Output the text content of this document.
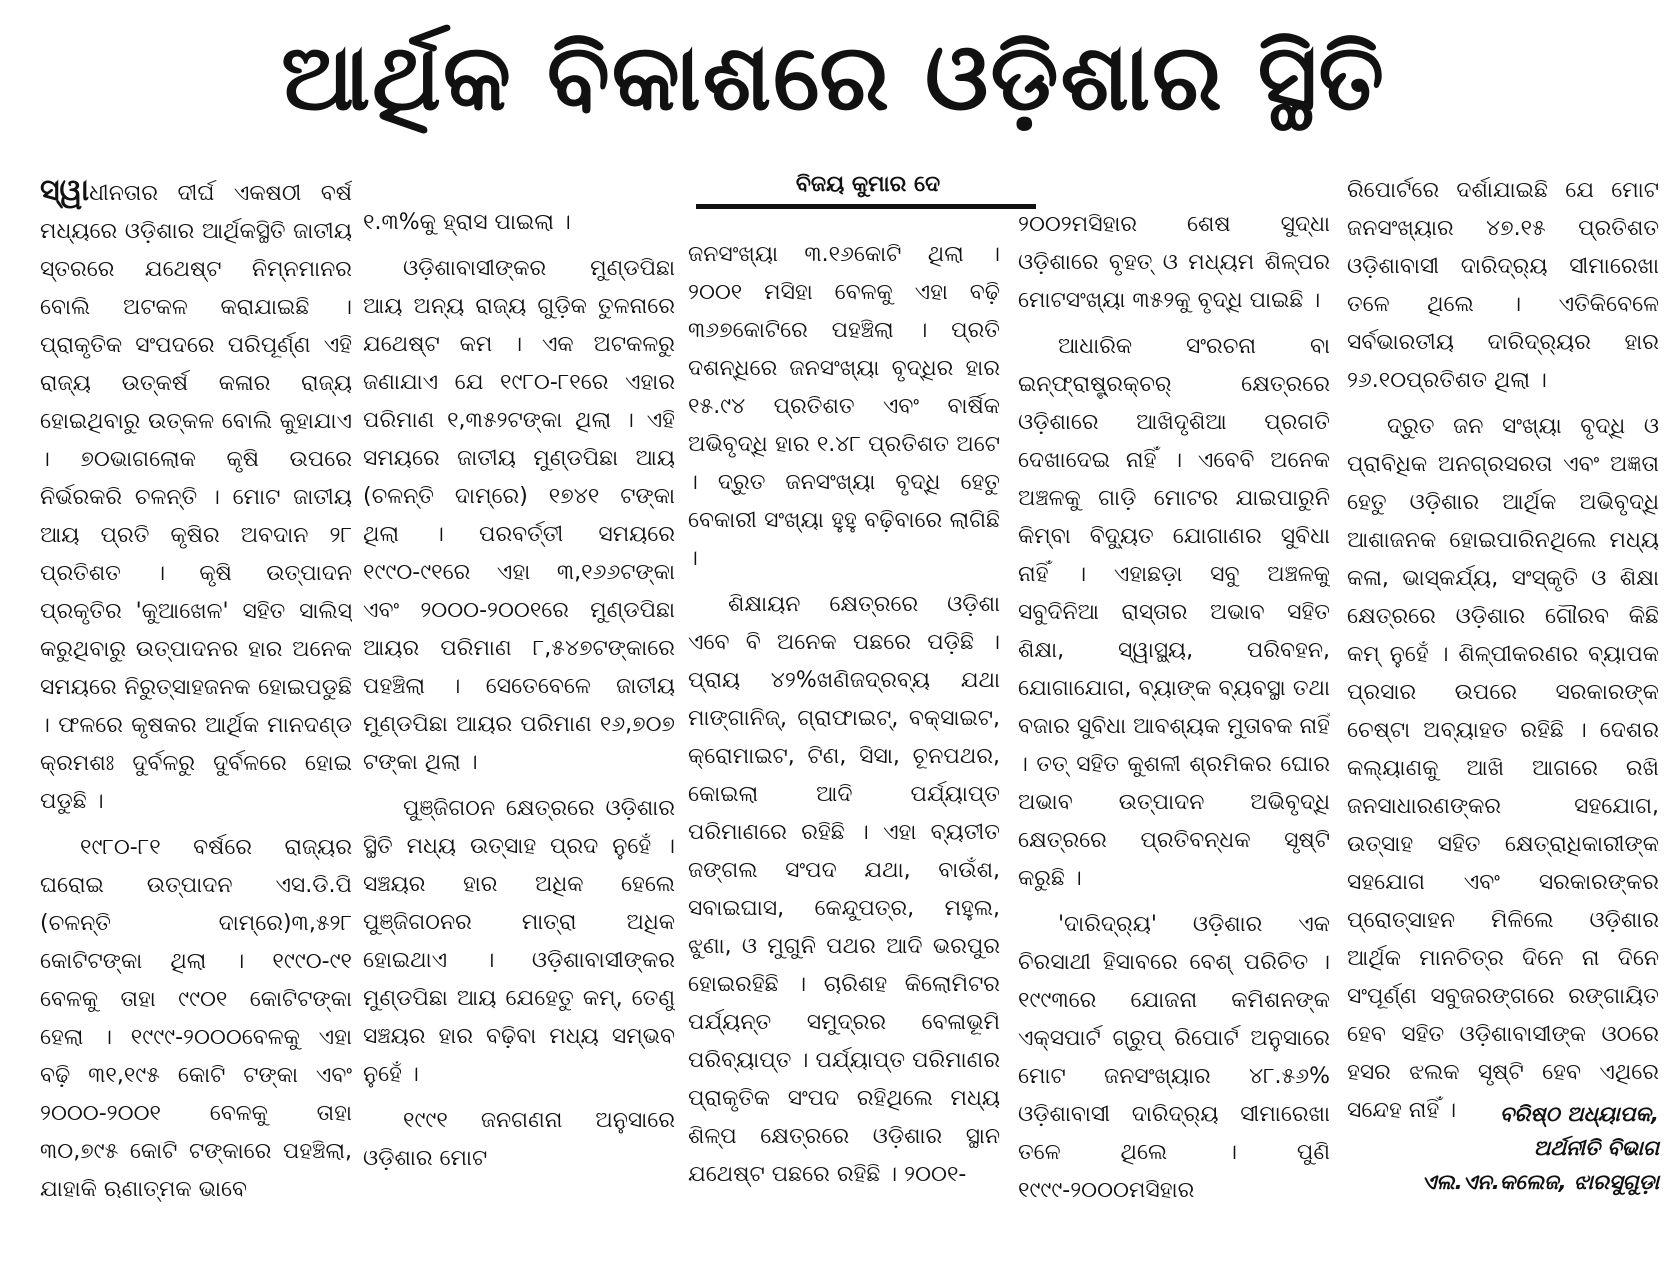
ଆର୍ଥିକ ବିକାଶରେ ଓଡ଼ିଶାର ସ୍ଥିତି
ବିଜୟ କୁମାର ଦେ

ସ୍ୱାଧୀନତାର ଦୀର୍ଘ ଏକଷଠୀ ବର୍ଷ ମଧ୍ୟରେ ଓଡ଼ିଶାର ଆର୍ଥିକସ୍ଥିତି ଜାତୀୟ ସ୍ତରରେ ଯଥେଷ୍ଟ ନିମ୍ନମାନର ବୋଲି ଅଟକଳ କରାଯାଇଛି । ପ୍ରାକୃତିକ ସଂପଦରେ ପରିପୂର୍ଣ୍ଣ ଏହି ରାଜ୍ୟ ଉତ୍କର୍ଷ କଳାର ରାଜ୍ୟ ହୋଇଥିବାରୁ ଉତ୍କଳ ବୋଲି କୁହାଯାଏ । ୭୦ଭାଗଲୋକ କୃଷି ଉପରେ ନିର୍ଭରକରି ଚଳନ୍ତି । ମୋଟ ଜାତୀୟ ଆୟ ପ୍ରତି କୃଷିର ଅବଦାନ ୨୮ ପ୍ରତିଶତ । କୃଷି ଉତ୍ପାଦନ ପ୍ରକୃତିର 'କୁଆଖେଳ' ସହିତ ସାଲିସ୍ କରୁଥିବାରୁ ଉତ୍ପାଦନର ହାର ଅନେକ ସମୟରେ ନିରୁତ୍ସାହଜନକ ହୋଇପଡୁଛି । ଫଳରେ କୃଷକର ଆର୍ଥିକ ମାନଦଣ୍ଡ କ୍ରମଶଃ ଦୁର୍ବଳରୁ ଦୁର୍ବଳରେ ହୋଇ ପଡୁଛି ।

୧୯୮୦-୮୧ ବର୍ଷରେ ରାଜ୍ୟର ଘରୋଇ ଉତ୍ପାଦନ ଏସ.ଡି.ପି (ଚଳନ୍ତି ଦାମ୍‌ରେ)୩,୫୨୮ କୋଟିଟଙ୍କା ଥିଲା । ୧୯୯୦-୯୧ ବେଳକୁ ତାହା ୯୯୦୧ କୋଟିଟଙ୍କା ହେଲା । ୧୯୯୯-୨୦୦୦ବେଳକୁ ଏହା ବଢ଼ି ୩୧,୧୯୫ କୋଟି ଟଙ୍କା ଏବଂ ୨୦୦୦-୨୦୦୧ ବେଳକୁ ତାହା ୩୦,୭୯୫ କୋଟି ଟଙ୍କାରେ ପହଞ୍ଚିଲା, ଯାହାକି ଋଣାତ୍ମକ ଭାବେ

୧.୩%କୁ ହ୍ରାସ ପାଇଲା ।

ଓଡ଼ିଶାବାସୀଙ୍କର ମୁଣ୍ଡପିଛା ଆୟ ଅନ୍ୟ ରାଜ୍ୟ ଗୁଡ଼ିକ ତୁଳନାରେ ଯଥେଷ୍ଟ କମ । ଏକ ଅଟକଳରୁ ଜଣାଯାଏ ଯେ ୧୯୮୦-୮୧ରେ ଏହାର ପରିମାଣ ୧,୩୫୨ଟଙ୍କା ଥିଲା । ଏହି ସମୟରେ ଜାତୀୟ ମୁଣ୍ଡପିଛା ଆୟ (ଚଳନ୍ତି ଦାମ୍‌ରେ) ୧୭୪୧ ଟଙ୍କା ଥିଲା । ପରବର୍ତ୍ତୀ ସମୟରେ ୧୯୯୦-୯୧ରେ ଏହା ୩,୧୬୬ଟଙ୍କା ଏବଂ ୨୦୦୦-୨୦୦୧ରେ ମୁଣ୍ଡପିଛା ଆୟର ପରିମାଣ ୮,୫୪୭ଟଙ୍କାରେ ପହଞ୍ଚିଲା । ସେତେବେଳେ ଜାତୀୟ ମୁଣ୍ଡପିଛା ଆୟର ପରିମାଣ ୧୬,୭୦୭ ଟଙ୍କା ଥିଲା ।

ପୁଞ୍ଜିଗଠନ କ୍ଷେତ୍ରରେ ଓଡ଼ିଶାର ସ୍ଥିତି ମଧ୍ୟ ଉତ୍ସାହ ପ୍ରଦ ନୁହେଁ । ସଞ୍ଚୟର ହାର ଅଧିକ ହେଲେ ପୁଞ୍ଜିଗଠନର ମାତ୍ରା ଅଧିକ ହୋଇଥାଏ । ଓଡ଼ିଶାବାସୀଙ୍କର ମୁଣ୍ଡପିଛା ଆୟ ଯେହେତୁ କମ୍, ତେଣୁ ସଞ୍ଚୟର ହାର ବଢ଼ିବା ମଧ୍ୟ ସମ୍ଭବ ନୁହେଁ ।

୧୯୯୧ ଜନଗଣନା ଅନୁସାରେ ଓଡ଼ିଶାର ମୋଟ

ଜନସଂଖ୍ୟା ୩.୧୬କୋଟି ଥିଲା । ୨୦୦୧ ମସିହା ବେଳକୁ ଏହା ବଢ଼ି ୩୬୭କୋଟିରେ ପହଞ୍ଚିଲା । ପ୍ରତି ଦଶନ୍ଧିରେ ଜନସଂଖ୍ୟା ବୃଦ୍ଧିର ହାର ୧୫.୯୪ ପ୍ରତିଶତ ଏବଂ ବାର୍ଷିକ ଅଭିବୃଦ୍ଧି ହାର ୧.୪୮ ପ୍ରତିଶତ ଅଟେ । ଦ୍ରୁତ ଜନସଂଖ୍ୟା ବୃଦ୍ଧି ହେତୁ ବେକାରୀ ସଂଖ୍ୟା ହୁହୁ ବଢ଼ିବାରେ ଲାଗିଛି ।

ଶିକ୍ଷାୟନ କ୍ଷେତ୍ରରେ ଓଡ଼ିଶା ଏବେ ବି ଅନେକ ପଛରେ ପଡ଼ିଛି । ପ୍ରାୟ ୪୨%ଖଣିଜଦ୍ରବ୍ୟ ଯଥା ମାଙ୍ଗାନିଜ୍, ଗ୍ରାଫାଇଟ୍, ବକ୍ସାଇଟ, କ୍ରୋମାଇଟ, ଟିଣ, ସିସା, ଚୂନପଥର, କୋଇଲା ଆଦି ପର୍ଯ୍ୟାପ୍ତ ପରିମାଣରେ ରହିଛି । ଏହା ବ୍ୟତୀତ ଜଙ୍ଗଲ ସଂପଦ ଯଥା, ବାଉଁଶ, ସବାଇଘାସ, କେନ୍ଦୁପତ୍ର, ମହୁଲ, ଝୁଣା, ଓ ମୁଗୁନି ପଥର ଆଦି ଭରପୁର ହୋଇରହିଛି । ଚାରିଶହ କିଲୋମିଟର ପର୍ଯ୍ୟନ୍ତ ସମୁଦ୍ରର ବେଳାଭୂମି ପରିବ୍ୟାପ୍ତ । ପର୍ଯ୍ୟାପ୍ତ ପରିମାଣର ପ୍ରାକୃତିକ ସଂପଦ ରହିଥିଲେ ମଧ୍ୟ ଶିଳ୍ପ କ୍ଷେତ୍ରରେ ଓଡ଼ିଶାର ସ୍ଥାନ ଯଥେଷ୍ଟ ପଛରେ ରହିଛି । ୨୦୦୧-

୨୦୦୨ମସିହାର ଶେଷ ସୁଦ୍ଧା ଓଡ଼ିଶାରେ ବୃହତ୍ ଓ ମଧ୍ୟମ ଶିଳ୍ପର ମୋଟସଂଖ୍ୟା ୩୫୨କୁ ବୃଦ୍ଧି ପାଇଛି ।

ଆଧାରିକ ସଂରଚନା ବା ଇନ୍‌ଫ୍ରାଷ୍ଟ୍ରକ୍‌ଚର୍ କ୍ଷେତ୍ରରେ ଓଡ଼ିଶାରେ ଆଖିଦୃଶିଆ ପ୍ରଗତି ଦେଖାଦେଇ ନାହିଁ । ଏବେବି ଅନେକ ଅଞ୍ଚଳକୁ ଗାଡ଼ି ମୋଟର ଯାଇପାରୁନି କିମ୍ବା ବିଦ୍ୟୁତ ଯୋଗାଣର ସୁବିଧା ନାହିଁ । ଏହାଛଡ଼ା ସବୁ ଅଞ୍ଚଳକୁ ସବୁଦିନିଆ ରାସ୍ତାର ଅଭାବ ସହିତ ଶିକ୍ଷା, ସ୍ୱାସ୍ଥ୍ୟ, ପରିବହନ, ଯୋଗାଯୋଗ, ବ୍ୟାଙ୍କ ବ୍ୟବସ୍ଥା ତଥା ବଜାର ସୁବିଧା ଆବଶ୍ୟକ ମୁତାବକ ନାହିଁ । ତତ୍ ସହିତ କୁଶଳୀ ଶ୍ରମିକର ଘୋର ଅଭାବ ଉତ୍ପାଦନ ଅଭିବୃଦ୍ଧି କ୍ଷେତ୍ରରେ ପ୍ରତିବନ୍ଧକ ସୃଷ୍ଟି କରୁଛି ।

'ଦାରିଦ୍ର୍ୟ' ଓଡ଼ିଶାର ଏକ ଚିରସାଥୀ ହିସାବରେ ବେଶ୍ ପରିଚିତ । ୧୯୯୩ରେ ଯୋଜନା କମିଶନଙ୍କ ଏକ୍ସପାର୍ଟ ଗ୍ରୁପ୍ ରିପୋର୍ଟ ଅନୁସାରେ ମୋଟ ଜନସଂଖ୍ୟାର ୪୮.୫୬% ଓଡ଼ିଶାବାସୀ ଦାରିଦ୍ର୍ୟ ସୀମାରେଖା ତଳେ ଥିଲେ । ପୁଣି ୧୯୯୯-୨୦୦୦ମସିହାର

ରିପୋର୍ଟରେ ଦର୍ଶାଯାଇଛି ଯେ ମୋଟ ଜନସଂଖ୍ୟାର ୪୭.୧୫ ପ୍ରତିଶତ ଓଡ଼ିଶାବାସୀ ଦାରିଦ୍ର୍ୟ ସୀମାରେଖା ତଳେ ଥିଲେ । ଏତିକିବେଳେ ସର୍ବଭାରତୀୟ ଦାରିଦ୍ର୍ୟର ହାର ୨୬.୧୦ପ୍ରତିଶତ ଥିଲା ।

ଦ୍ରୁତ ଜନ ସଂଖ୍ୟା ବୃଦ୍ଧି ଓ ପ୍ରାବିଧିକ ଅନଗ୍ରସରତା ଏବଂ ଅଜ୍ଞତା ହେତୁ ଓଡ଼ିଶାର ଆର୍ଥିକ ଅଭିବୃଦ୍ଧି ଆଶାଜନକ ହୋଇପାରିନଥିଲେ ମଧ୍ୟ କଳା, ଭାସ୍କର୍ଯ୍ୟ, ସଂସ୍କୃତି ଓ ଶିକ୍ଷା କ୍ଷେତ୍ରରେ ଓଡ଼ିଶାର ଗୌରବ କିଛି କମ୍ ନୁହେଁ । ଶିଳ୍ପୀକରଣର ବ୍ୟାପକ ପ୍ରସାର ଉପରେ ସରକାରଙ୍କ ଚେଷ୍ଟା ଅବ୍ୟାହତ ରହିଛି । ଦେଶର କଲ୍ୟାଣକୁ ଆଖି ଆଗରେ ରଖି ଜନସାଧାରଣଙ୍କର ସହଯୋଗ, ଉତ୍ସାହ ସହିତ କ୍ଷେତ୍ରାଧିକାରୀଙ୍କ ସହଯୋଗ ଏବଂ ସରକାରଙ୍କର ପ୍ରୋତ୍ସାହନ ମିଳିଲେ ଓଡ଼ିଶାର ଆର୍ଥିକ ମାନଚିତ୍ର ଦିନେ ନା ଦିନେ ସଂପୂର୍ଣ୍ଣ ସବୁଜରଙ୍ଗରେ ରଙ୍ଗାୟିତ ହେବ ସହିତ ଓଡ଼ିଶାବାସୀଙ୍କ ଓଠରେ ହସର ଝଲକ ସୃଷ୍ଟି ହେବ ଏଥିରେ ସନ୍ଦେହ ନାହିଁ ।	ବରିଷ୍ଠ ଅଧ୍ୟାପକ,
ଅର୍ଥନୀତି ବିଭାଗ
ଏଲ.ଏନ.କଲେଜ, ଝାରସୁଗୁଡ଼ା
